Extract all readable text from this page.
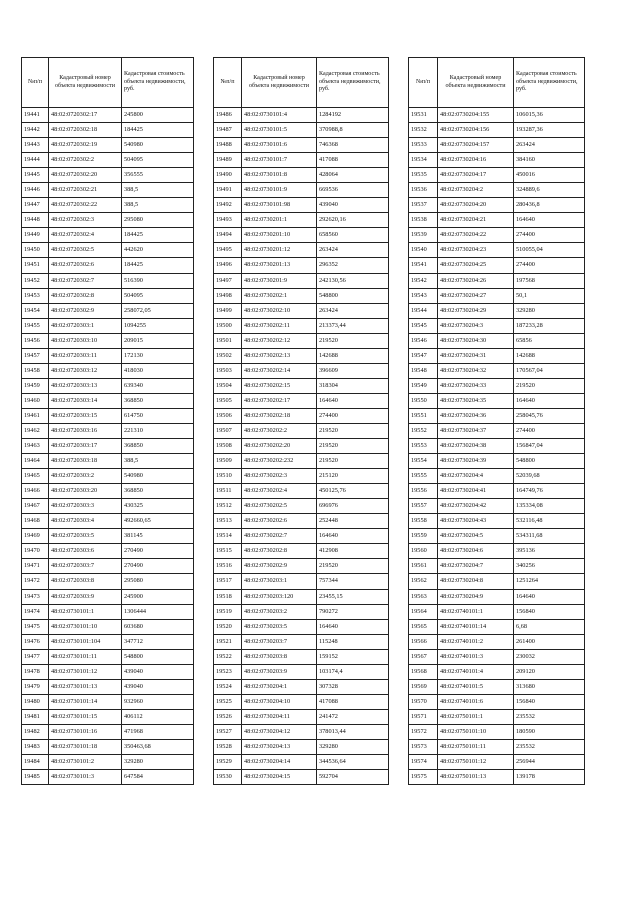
№п/п	Кадастровый номер объекта недвижимости	Кадастровая стоимость объекта недвижимости, руб.
19441	48:02:0720302:17	245800
19442	48:02:0720302:18	184425
19443	48:02:0720302:19	540980
19444	48:02:0720302:2	504095
19445	48:02:0720302:20	356555
19446	48:02:0720302:21	388,5
19447	48:02:0720302:22	388,5
19448	48:02:0720302:3	295080
19449	48:02:0720302:4	184425
19450	48:02:0720302:5	442620
19451	48:02:0720302:6	184425
19452	48:02:0720302:7	516390
19453	48:02:0720302:8	504095
19454	48:02:0720302:9	258072,05
19455	48:02:0720303:1	1094255
19456	48:02:0720303:10	209015
19457	48:02:0720303:11	172130
19458	48:02:0720303:12	418030
19459	48:02:0720303:13	639340
19460	48:02:0720303:14	368850
19461	48:02:0720303:15	614750
19462	48:02:0720303:16	221310
19463	48:02:0720303:17	368850
19464	48:02:0720303:18	388,5
19465	48:02:0720303:2	540980
19466	48:02:0720303:20	368850
19467	48:02:0720303:3	430325
19468	48:02:0720303:4	492660,65
19469	48:02:0720303:5	381145
19470	48:02:0720303:6	270490
19471	48:02:0720303:7	270490
19472	48:02:0720303:8	295080
19473	48:02:0720303:9	245900
19474	48:02:0730101:1	1306444
19475	48:02:0730101:10	603680
19476	48:02:0730101:104	347712
19477	48:02:0730101:11	548800
19478	48:02:0730101:12	439040
19479	48:02:0730101:13	439040
19480	48:02:0730101:14	932960
19481	48:02:0730101:15	406112
19482	48:02:0730101:16	471968
19483	48:02:0730101:18	350463,68
19484	48:02:0730101:2	329280
19485	48:02:0730101:3	647584
№п/п	Кадастровый номер объекта недвижимости	Кадастровая стоимость объекта недвижимости, руб.
19486	48:02:0730101:4	1284192
19487	48:02:0730101:5	370988,8
19488	48:02:0730101:6	746368
19489	48:02:0730101:7	417088
19490	48:02:0730101:8	428064
19491	48:02:0730101:9	669536
19492	48:02:0730101:98	439040
19493	48:02:0730201:1	292620,16
19494	48:02:0730201:10	658560
19495	48:02:0730201:12	263424
19496	48:02:0730201:13	296352
19497	48:02:0730201:9	242130,56
19498	48:02:0730202:1	548800
19499	48:02:0730202:10	263424
19500	48:02:0730202:11	213373,44
19501	48:02:0730202:12	219520
19502	48:02:0730202:13	142688
19503	48:02:0730202:14	396609
19504	48:02:0730202:15	318304
19505	48:02:0730202:17	164640
19506	48:02:0730202:18	274400
19507	48:02:0730202:2	219520
19508	48:02:0730202:20	219520
19509	48:02:0730202:232	219520
19510	48:02:0730202:3	215120
19511	48:02:0730202:4	450125,76
19512	48:02:0730202:5	696976
19513	48:02:0730202:6	252448
19514	48:02:0730202:7	164640
19515	48:02:0730202:8	412908
19516	48:02:0730202:9	219520
19517	48:02:0730203:1	757344
19518	48:02:0730203:120	23455,15
19519	48:02:0730203:2	790272
19520	48:02:0730203:5	164640
19521	48:02:0730203:7	115248
19522	48:02:0730203:8	159152
19523	48:02:0730203:9	103174,4
19524	48:02:0730204:1	307328
19525	48:02:0730204:10	417088
19526	48:02:0730204:11	241472
19527	48:02:0730204:12	378013,44
19528	48:02:0730204:13	329280
19529	48:02:0730204:14	344536,64
19530	48:02:0730204:15	592704
№п/п	Кадастровый номер объекта недвижимости	Кадастровая стоимость объекта недвижимости, руб.
19531	48:02:0730204:155	106015,36
19532	48:02:0730204:156	193287,36
19533	48:02:0730204:157	263424
19534	48:02:0730204:16	384160
19535	48:02:0730204:17	450016
19536	48:02:0730204:2	324889,6
19537	48:02:0730204:20	280436,8
19538	48:02:0730204:21	164640
19539	48:02:0730204:22	274400
19540	48:02:0730204:23	510055,04
19541	48:02:0730204:25	274400
19542	48:02:0730204:26	197568
19543	48:02:0730204:27	50,1
19544	48:02:0730204:29	329280
19545	48:02:0730204:3	187233,28
19546	48:02:0730204:30	65856
19547	48:02:0730204:31	142688
19548	48:02:0730204:32	170567,04
19549	48:02:0730204:33	219520
19550	48:02:0730204:35	164640
19551	48:02:0730204:36	258045,76
19552	48:02:0730204:37	274400
19553	48:02:0730204:38	156847,04
19554	48:02:0730204:39	548800
19555	48:02:0730204:4	52039,68
19556	48:02:0730204:41	164749,76
19557	48:02:0730204:42	135334,08
19558	48:02:0730204:43	532116,48
19559	48:02:0730204:5	534311,68
19560	48:02:0730204:6	395136
19561	48:02:0730204:7	340256
19562	48:02:0730204:8	1251264
19563	48:02:0730204:9	164640
19564	48:02:0740101:1	156840
19565	48:02:0740101:14	6,68
19566	48:02:0740101:2	261400
19567	48:02:0740101:3	230032
19568	48:02:0740101:4	209120
19569	48:02:0740101:5	313680
19570	48:02:0740101:6	156840
19571	48:02:0750101:1	235532
19572	48:02:0750101:10	180590
19573	48:02:0750101:11	235532
19574	48:02:0750101:12	256944
19575	48:02:0750101:13	139178
